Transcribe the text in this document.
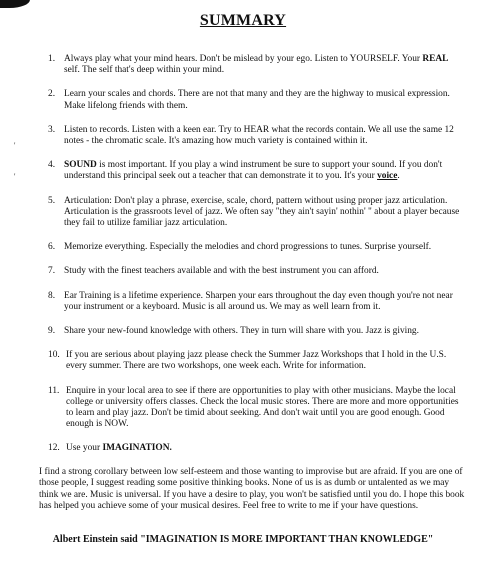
'
'
SUMMARY
1. Always play what your mind hears. Don't be mislead by your ego. Listen to YOURSELF. Your REAL self. The self that's deep within your mind.
2. Learn your scales and chords. There are not that many and they are the highway to musical expression. Make lifelong friends with them.
3. Listen to records. Listen with a keen ear. Try to HEAR what the records contain. We all use the same 12 notes - the chromatic scale. It's amazing how much variety is contained within it.
4. SOUND is most important. If you play a wind instrument be sure to support your sound. If you don't understand this principal seek out a teacher that can demonstrate it to you. It's your voice.
5. Articulation: Don't play a phrase, exercise, scale, chord, pattern without using proper jazz articulation. Articulation is the grassroots level of jazz. We often say "they ain't sayin' nothin' " about a player because they fail to utilize familiar jazz articulation.
6. Memorize everything. Especially the melodies and chord progressions to tunes. Surprise yourself.
7. Study with the finest teachers available and with the best instrument you can afford.
8. Ear Training is a lifetime experience. Sharpen your ears throughout the day even though you're not near your instrument or a keyboard. Music is all around us. We may as well learn from it.
9. Share your new-found knowledge with others. They in turn will share with you. Jazz is giving.
10. If you are serious about playing jazz please check the Summer Jazz Workshops that I hold in the U.S. every summer. There are two workshops, one week each. Write for information.
11. Enquire in your local area to see if there are opportunities to play with other musicians. Maybe the local college or university offers classes. Check the local music stores. There are more and more opportunities to learn and play jazz. Don't be timid about seeking. And don't wait until you are good enough. Good enough is NOW.
12. Use your IMAGINATION.

I find a strong corollary between low self-esteem and those wanting to improvise but are afraid. If you are one of those people, I suggest reading some positive thinking books. None of us is as dumb or untalented as we may think we are. Music is universal. If you have a desire to play, you won't be satisfied until you do. I hope this book has helped you achieve some of your musical desires. Feel free to write to me if your have questions.

Albert Einstein said "IMAGINATION IS MORE IMPORTANT THAN KNOWLEDGE"
